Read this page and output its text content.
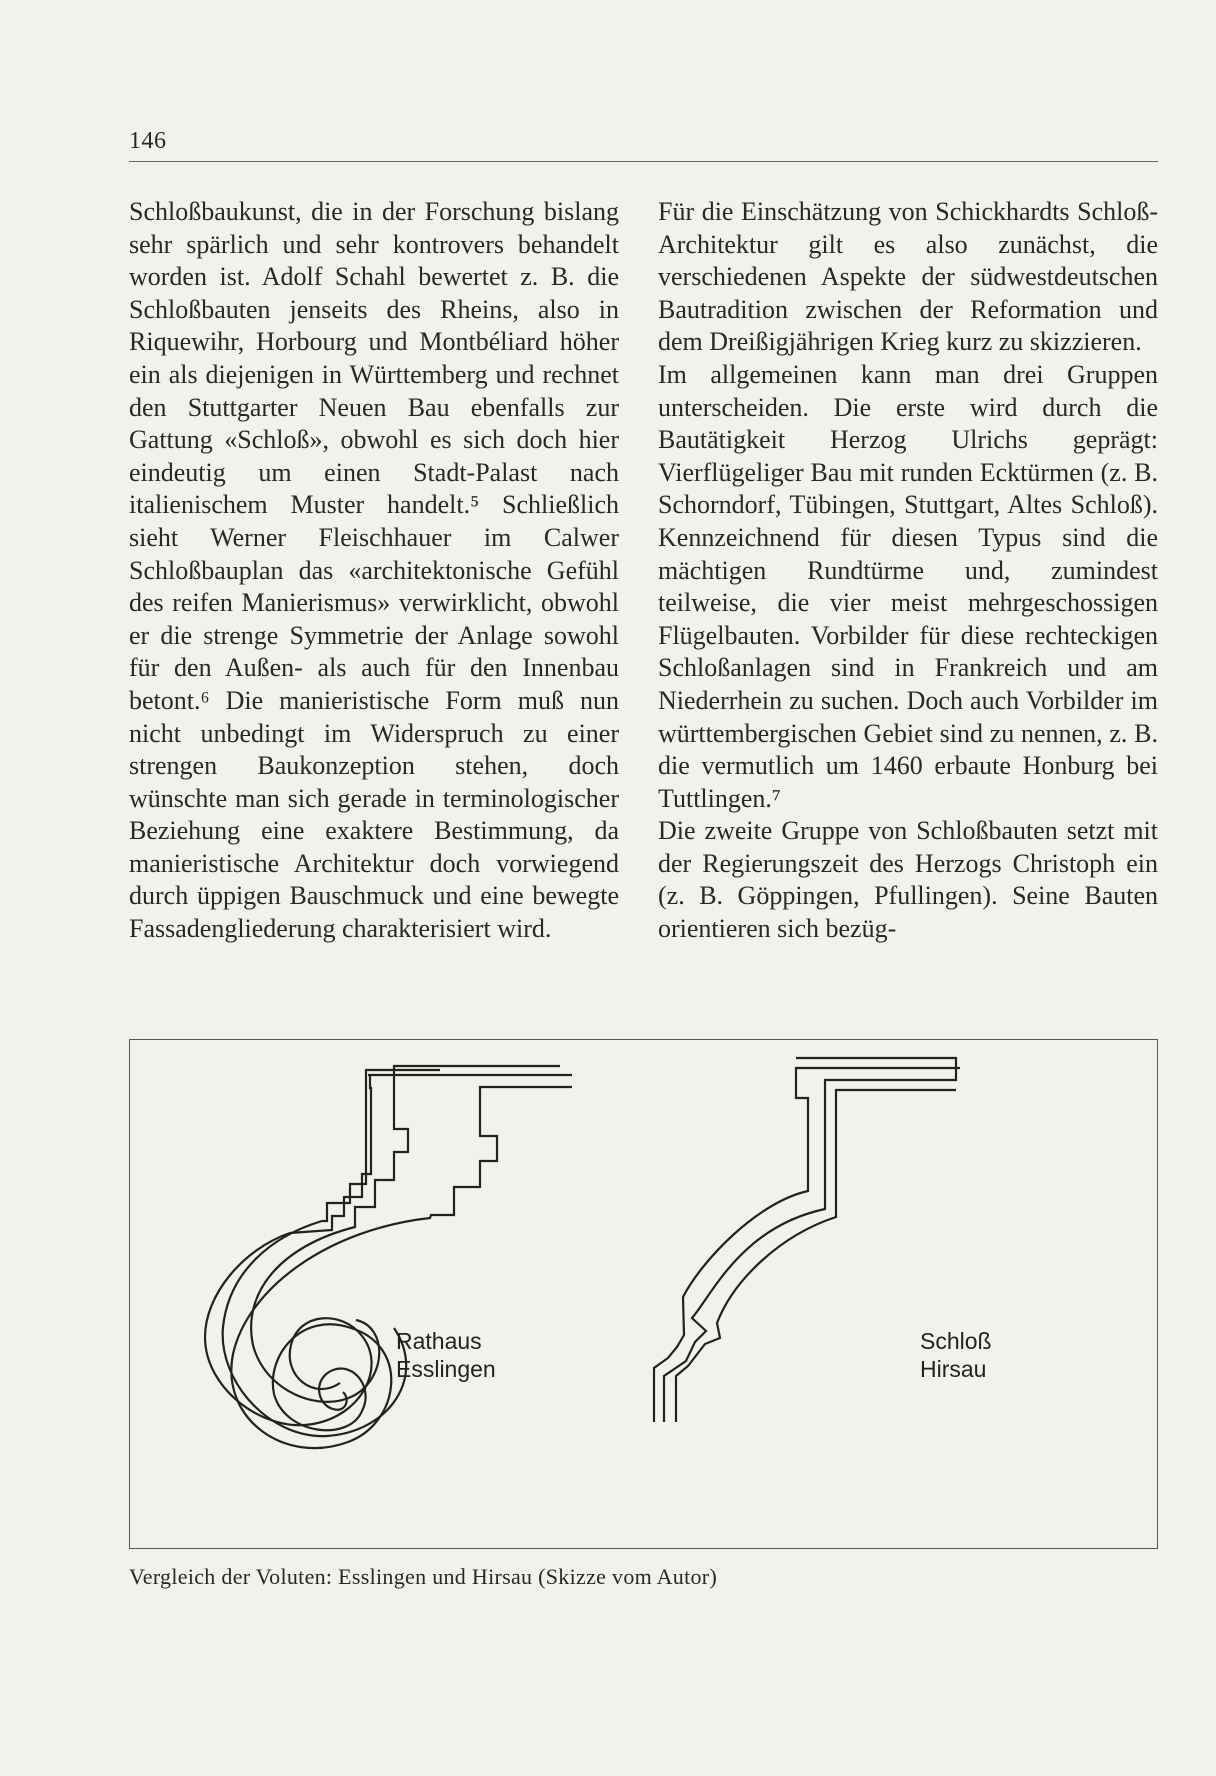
146

Schloßbaukunst, die in der Forschung bislang sehr spärlich und sehr kontrovers behandelt worden ist. Adolf Schahl bewertet z. B. die Schloßbauten jenseits des Rheins, also in Riquewihr, Horbourg und Montbéliard höher ein als diejenigen in Württemberg und rechnet den Stuttgarter Neuen Bau ebenfalls zur Gattung «Schloß», obwohl es sich doch hier eindeutig um einen Stadt-Palast nach italienischem Muster handelt.⁵ Schließlich sieht Werner Fleischhauer im Calwer Schloßbauplan das «architektonische Gefühl des reifen Manierismus» verwirklicht, obwohl er die strenge Symmetrie der Anlage sowohl für den Außen- als auch für den Innenbau betont.⁶ Die manieristische Form muß nun nicht unbedingt im Widerspruch zu einer strengen Baukonzeption stehen, doch wünschte man sich gerade in terminologischer Beziehung eine exaktere Bestimmung, da manieristische Architektur doch vorwiegend durch üppigen Bauschmuck und eine bewegte Fassadengliederung charakterisiert wird.

Für die Einschätzung von Schickhardts Schloß-Architektur gilt es also zunächst, die verschiedenen Aspekte der südwestdeutschen Bautradition zwischen der Reformation und dem Dreißigjährigen Krieg kurz zu skizzieren.

Im allgemeinen kann man drei Gruppen unterscheiden. Die erste wird durch die Bautätigkeit Herzog Ulrichs geprägt: Vierflügeliger Bau mit runden Ecktürmen (z. B. Schorndorf, Tübingen, Stuttgart, Altes Schloß). Kennzeichnend für diesen Typus sind die mächtigen Rundtürme und, zumindest teilweise, die vier meist mehrgeschossigen Flügelbauten. Vorbilder für diese rechteckigen Schloßanlagen sind in Frankreich und am Niederrhein zu suchen. Doch auch Vorbilder im württembergischen Gebiet sind zu nennen, z. B. die vermutlich um 1460 erbaute Honburg bei Tuttlingen.⁷

Die zweite Gruppe von Schloßbauten setzt mit der Regierungszeit des Herzogs Christoph ein (z. B. Göppingen, Pfullingen). Seine Bauten orientieren sich bezüg-

Rathaus
Esslingen
Schloß
Hirsau
Vergleich der Voluten: Esslingen und Hirsau (Skizze vom Autor)
